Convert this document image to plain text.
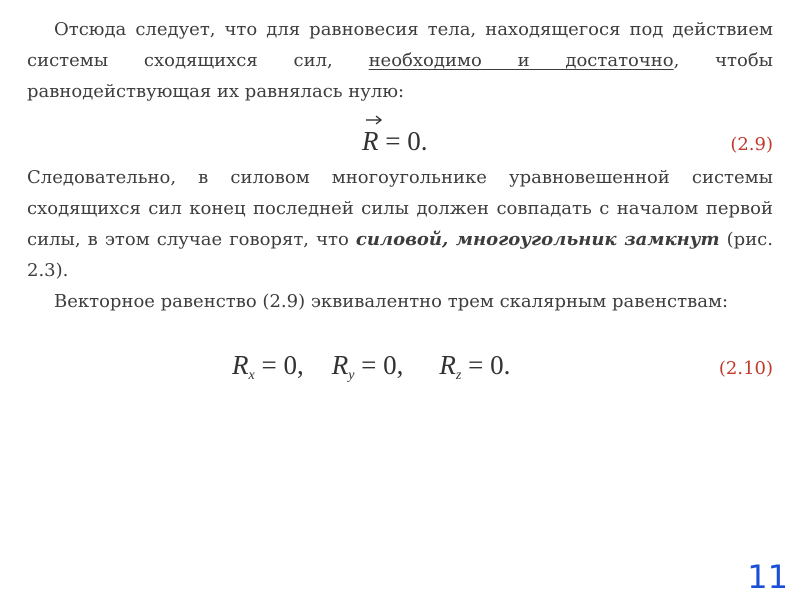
Отсюда следует, что для равновесия тела, находящегося под действием системы сходящихся сил, необходимо и достаточно, чтобы равнодействующая их равнялась нулю:

R = 0.	(2.9)

Следовательно, в силовом многоугольнике уравновешенной системы сходящихся сил конец последней силы должен совпадать с началом первой силы, в этом случае говорят, что силовой, многоугольник замкнут (рис. 2.3).

Векторное равенство (2.9) эквивалентно трем скалярным равенствам:

$R_x = 0$, $R_y = 0$, $R_z = 0$.	(2.10)
11
